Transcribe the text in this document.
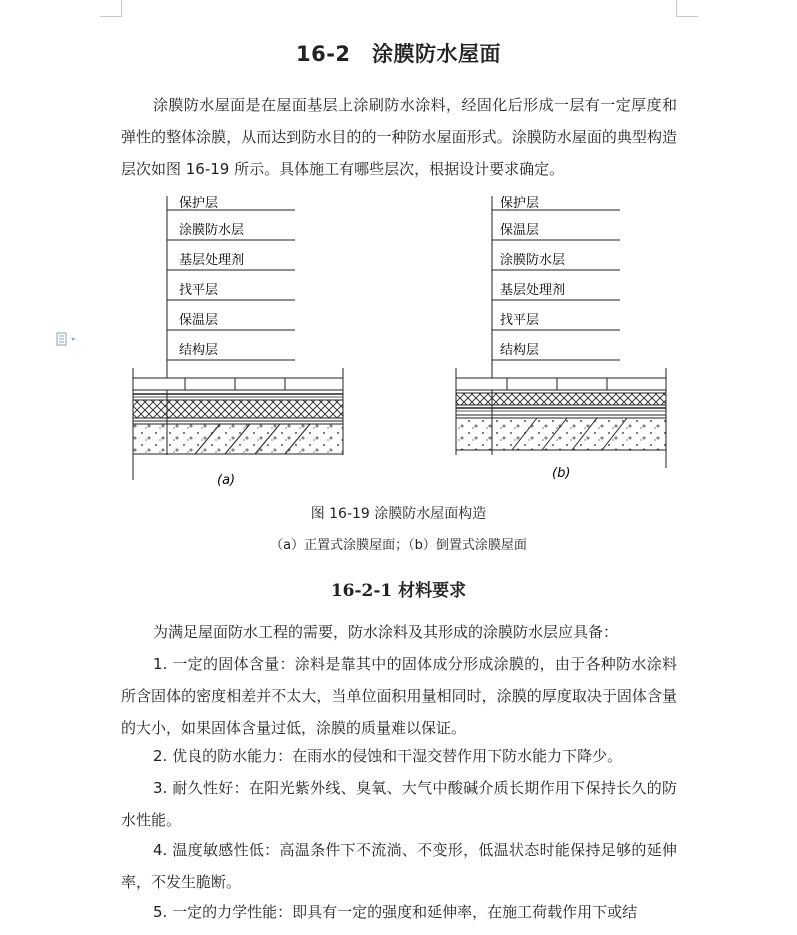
16-2　涂膜防水屋面

涂膜防水屋面是在屋面基层上涂刷防水涂料，经固化后形成一层有一定厚度和弹性的整体涂膜，从而达到防水目的的一种防水屋面形式。涂膜防水屋面的典型构造层次如图 16-19 所示。具体施工有哪些层次，根据设计要求确定。

保护层
涂膜防水层
基层处理剂
找平层
保温层
结构层
(a)
保护层
保温层
涂膜防水层
基层处理剂
找平层
结构层
(b)

图 16-19 涂膜防水屋面构造

（a）正置式涂膜屋面；（b）倒置式涂膜屋面

16-2-1 材料要求

为满足屋面防水工程的需要，防水涂料及其形成的涂膜防水层应具备：

1. 一定的固体含量：涂料是靠其中的固体成分形成涂膜的，由于各种防水涂料所含固体的密度相差并不太大，当单位面积用量相同时，涂膜的厚度取决于固体含量的大小，如果固体含量过低，涂膜的质量难以保证。

2. 优良的防水能力：在雨水的侵蚀和干湿交替作用下防水能力下降少。

3. 耐久性好：在阳光紫外线、臭氧、大气中酸碱介质长期作用下保持长久的防水性能。

4. 温度敏感性低：高温条件下不流淌、不变形，低温状态时能保持足够的延伸率，不发生脆断。

5. 一定的力学性能：即具有一定的强度和延伸率，在施工荷载作用下或结
